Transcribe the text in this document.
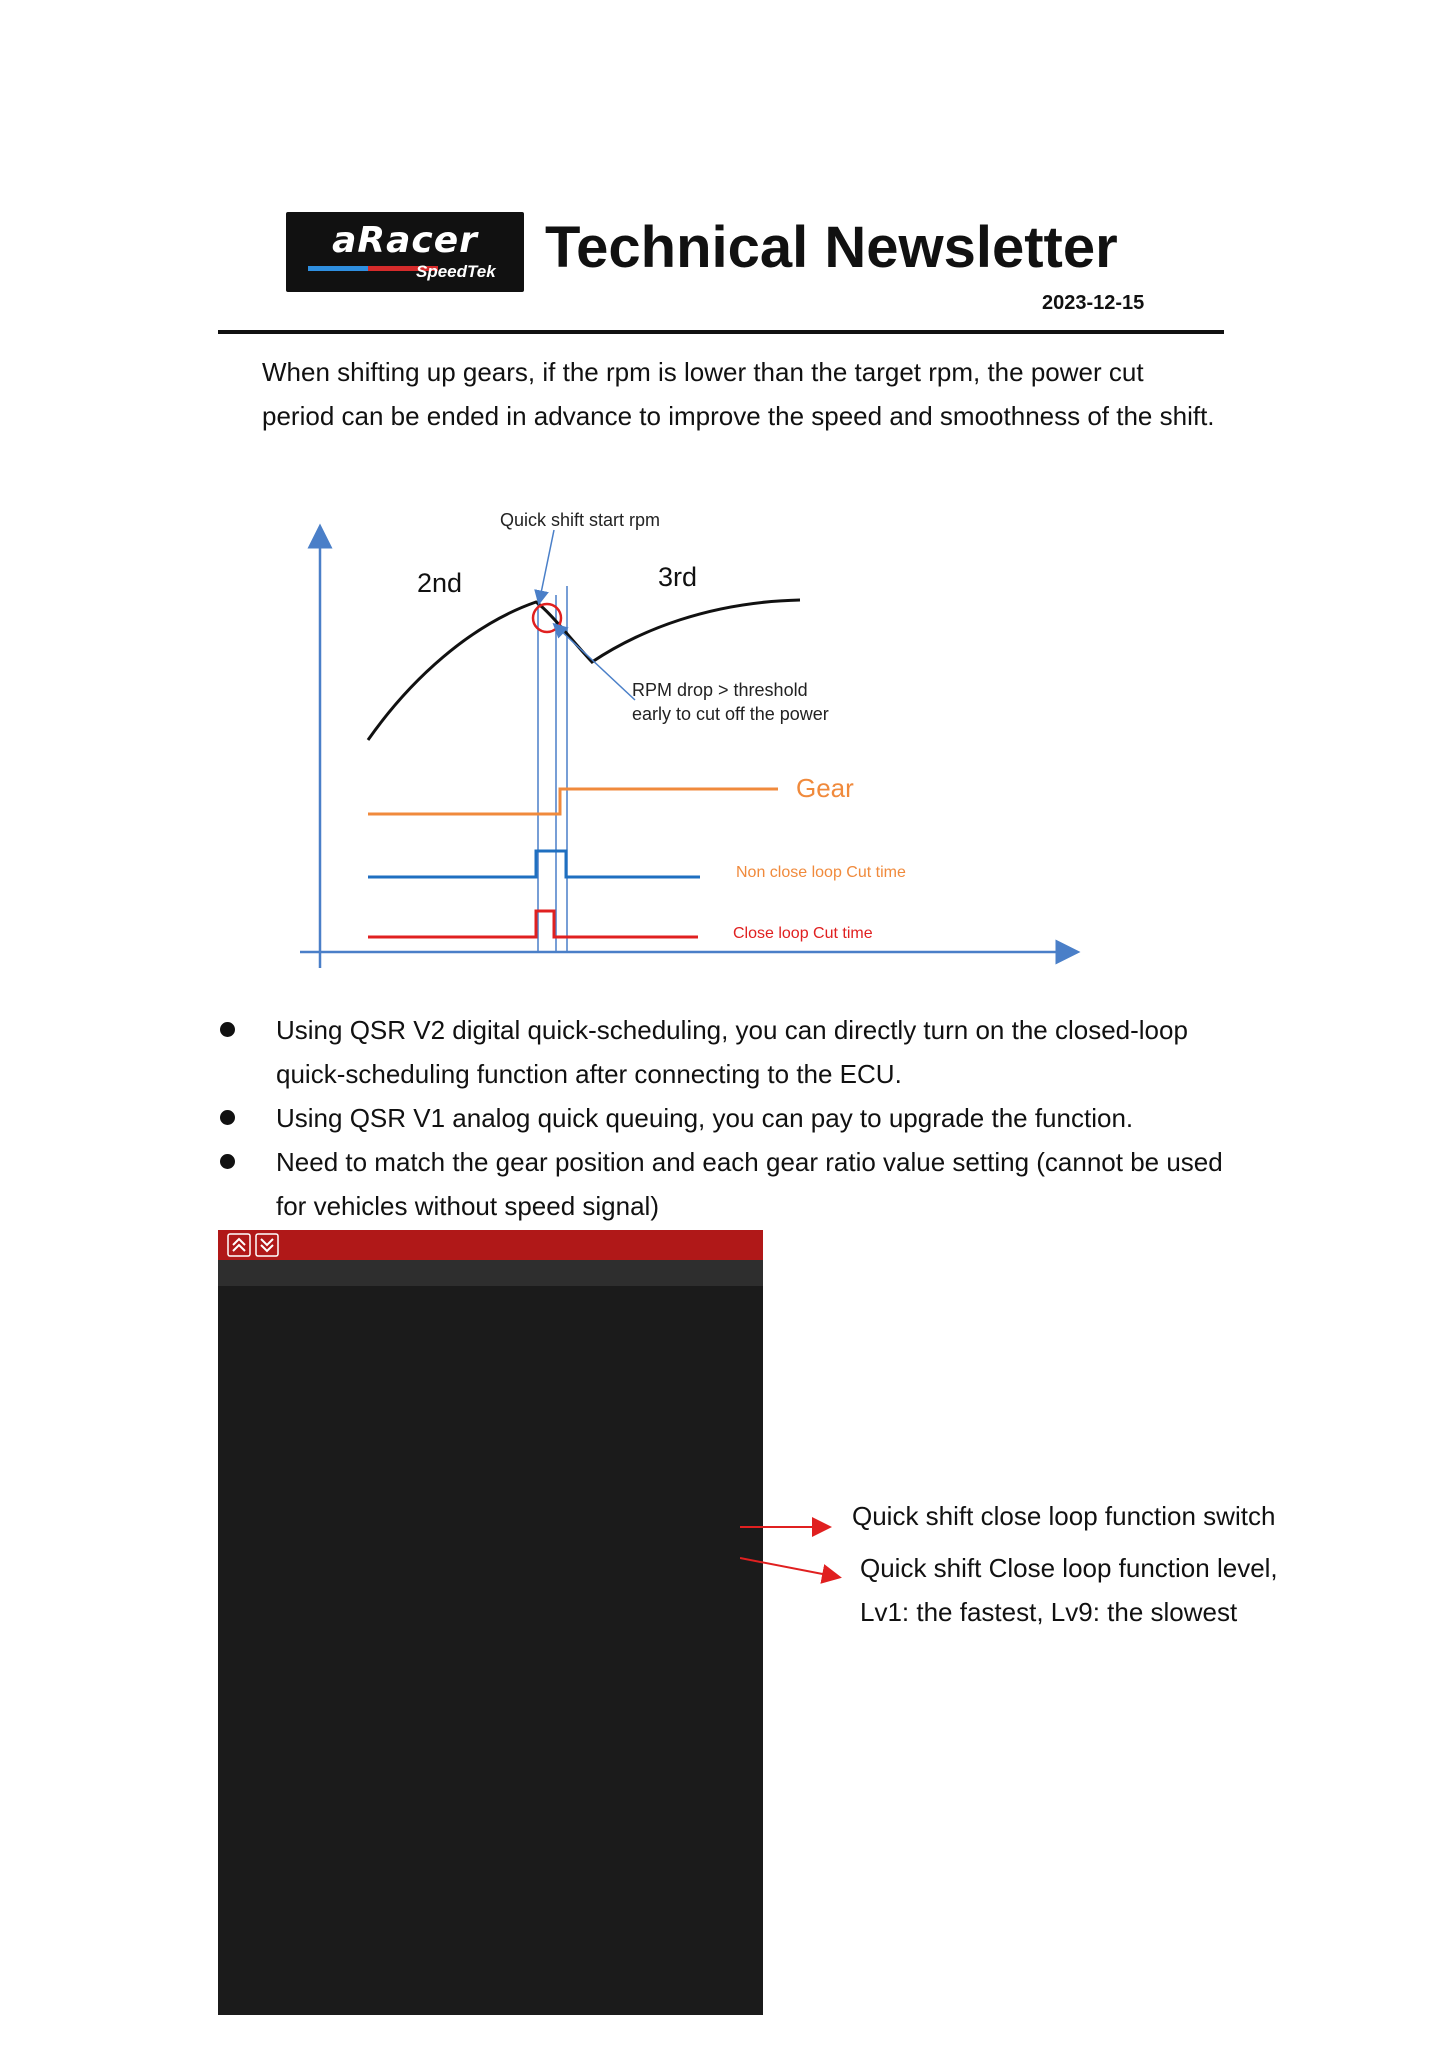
aRacer
SpeedTek Technical Newsletter
2023-12-15
When shifting up gears, if the rpm is lower than the target rpm, the power cut period can be ended in advance to improve the speed and smoothness of the shift.
Quick shift start rpm
2nd	3rd
RPM drop > threshold
early to cut off the power
Gear
Non close loop Cut time
Close loop Cut time
Using QSR V2 digital quick-scheduling, you can directly turn on the closed-loop quick-scheduling function after connecting to the ECU.
Using QSR V1 analog quick queuing, you can pay to upgrade the function.
Need to match the gear position and each gear ratio value setting (cannot be used for vehicles without speed signal)
Quick shift close loop function switch
Quick shift Close loop function level,
Lv1: the fastest, Lv9: the slowest
